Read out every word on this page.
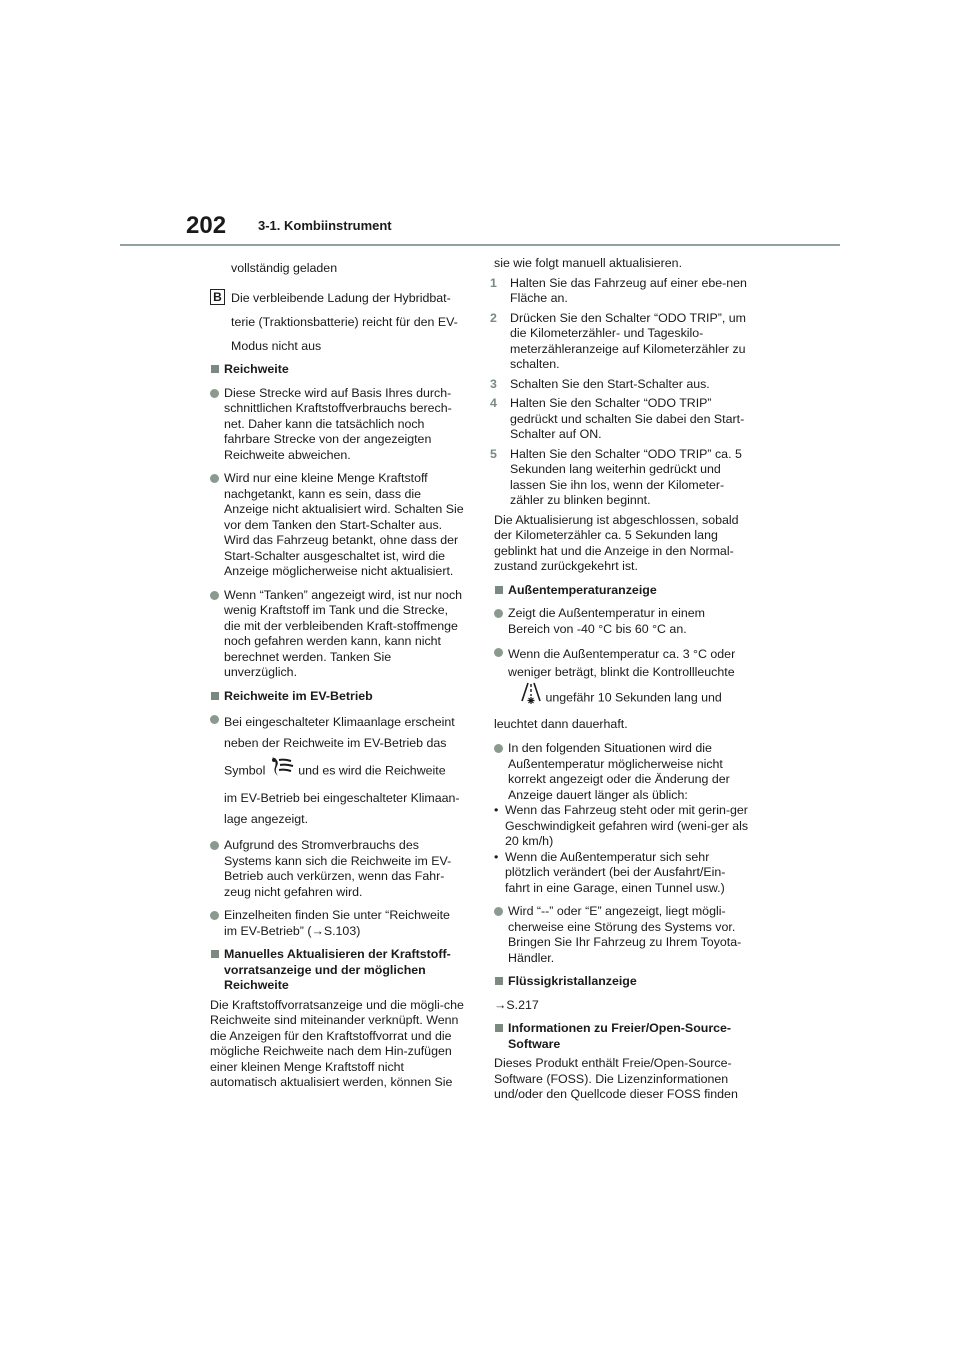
202 3-1. Kombiinstrument

vollständig geladen

B Die verbleibende Ladung der Hybridbat-

terie (Traktionsbatterie) reicht für den EV-

Modus nicht aus

Reichweite

Diese Strecke wird auf Basis Ihres durch-schnittlichen Kraftstoffverbrauchs berech-net. Daher kann die tatsächlich noch fahrbare Strecke von der angezeigten Reichweite abweichen.

Wird nur eine kleine Menge Kraftstoff nachgetankt, kann es sein, dass die Anzeige nicht aktualisiert wird. Schalten Sie vor dem Tanken den Start-Schalter aus. Wird das Fahrzeug betankt, ohne dass der Start-Schalter ausgeschaltet ist, wird die Anzeige möglicherweise nicht aktualisiert.

Wenn “Tanken” angezeigt wird, ist nur noch wenig Kraftstoff im Tank und die Strecke, die mit der verbleibenden Kraft-stoffmenge noch gefahren werden kann, kann nicht berechnet werden. Tanken Sie unverzüglich.

Reichweite im EV-Betrieb

Bei eingeschalteter Klimaanlage erscheint

neben der Reichweite im EV-Betrieb das

Symbol	und es wird die Reichweite

im EV-Betrieb bei eingeschalteter Klimaan-

lage angezeigt.

Aufgrund des Stromverbrauchs des Systems kann sich die Reichweite im EV-Betrieb auch verkürzen, wenn das Fahr-zeug nicht gefahren wird.

Einzelheiten finden Sie unter “Reichweite im EV-Betrieb” (→S.103)

Manuelles Aktualisieren der Kraftstoff-vorratsanzeige und der möglichen Reichweite

Die Kraftstoffvorratsanzeige und die mögli-che Reichweite sind miteinander verknüpft. Wenn die Anzeigen für den Kraftstoffvorrat und die mögliche Reichweite nach dem Hin-zufügen einer kleinen Menge Kraftstoff nicht automatisch aktualisiert werden, können Sie

sie wie folgt manuell aktualisieren.

1 Halten Sie das Fahrzeug auf einer ebe-nen Fläche an.
2 Drücken Sie den Schalter “ODO TRIP”, um die Kilometerzähler- und Tageskilo-meterzähleranzeige auf Kilometerzähler zu schalten.
3 Schalten Sie den Start-Schalter aus.
4 Halten Sie den Schalter “ODO TRIP” gedrückt und schalten Sie dabei den Start-Schalter auf ON.
5 Halten Sie den Schalter “ODO TRIP” ca. 5 Sekunden lang weiterhin gedrückt und lassen Sie ihn los, wenn der Kilometer-zähler zu blinken beginnt.

Die Aktualisierung ist abgeschlossen, sobald der Kilometerzähler ca. 5 Sekunden lang geblinkt hat und die Anzeige in den Normal-zustand zurückgekehrt ist.

Außentemperaturanzeige

Zeigt die Außentemperatur in einem Bereich von -40 °C bis 60 °C an.

Wenn die Außentemperatur ca. 3 °C oder

weniger beträgt, blinkt die Kontrollleuchte

ungefähr 10 Sekunden lang und

leuchtet dann dauerhaft.

In den folgenden Situationen wird die Außentemperatur möglicherweise nicht korrekt angezeigt oder die Änderung der Anzeige dauert länger als üblich:

• Wenn das Fahrzeug steht oder mit gerin-ger Geschwindigkeit gefahren wird (weni-ger als 20 km/h)

• Wenn die Außentemperatur sich sehr plötzlich verändert (bei der Ausfahrt/Ein-fahrt in eine Garage, einen Tunnel usw.)

Wird “--” oder “E” angezeigt, liegt mögli-cherweise eine Störung des Systems vor. Bringen Sie Ihr Fahrzeug zu Ihrem Toyota-Händler.

Flüssigkristallanzeige

→S.217

Informationen zu Freier/Open-Source-Software

Dieses Produkt enthält Freie/Open-Source-Software (FOSS). Die Lizenzinformationen und/oder den Quellcode dieser FOSS finden
